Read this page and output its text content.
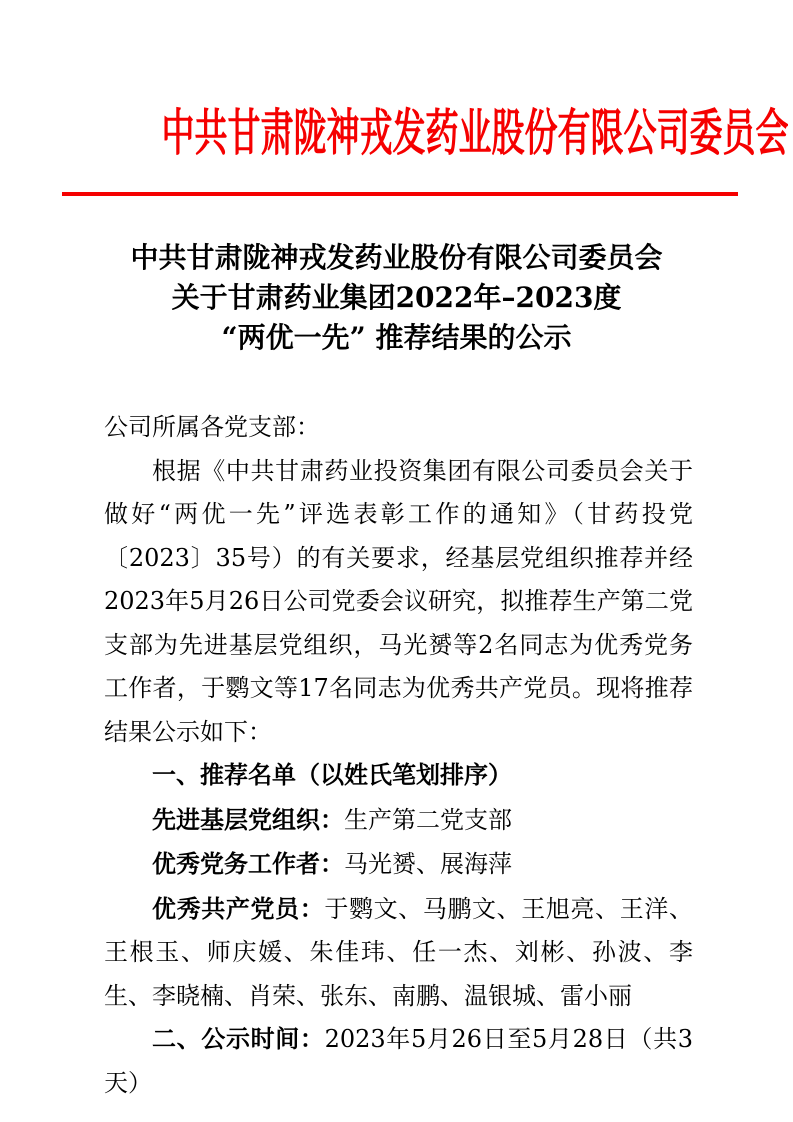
中共甘肃陇神戎发药业股份有限公司委员会
中共甘肃陇神戎发药业股份有限公司委员会
关于甘肃药业集团2022年–2023度
“两优一先” 推荐结果的公示

公司所属各党支部：

根据《中共甘肃药业投资集团有限公司委员会关于做好“两优一先”评选表彰工作的通知》（甘药投党〔2023〕35号）的有关要求，经基层党组织推荐并经2023年5月26日公司党委会议研究，拟推荐生产第二党支部为先进基层党组织，马光赟等2名同志为优秀党务工作者，于鹦文等17名同志为优秀共产党员。现将推荐结果公示如下：

一、推荐名单（以姓氏笔划排序）

先进基层党组织：生产第二党支部

优秀党务工作者：马光赟、展海萍

优秀共产党员：于鹦文、马鹏文、王旭亮、王洋、王根玉、师庆媛、朱佳玮、任一杰、刘彬、孙波、李生、李晓楠、肖荣、张东、南鹏、温银城、雷小丽

二、公示时间：2023年5月26日至5月28日（共3天）
